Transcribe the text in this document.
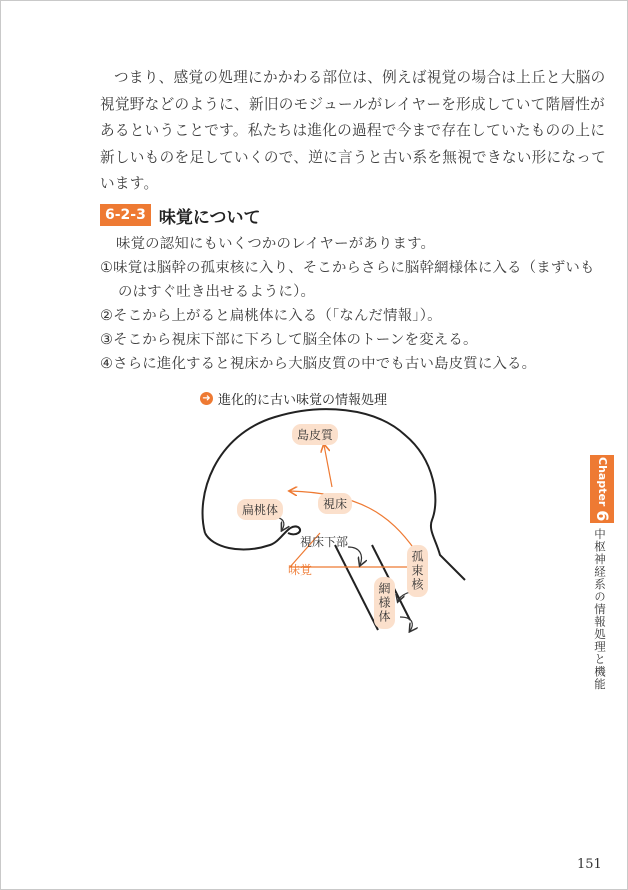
つまり、感覚の処理にかかわる部位は、例えば視覚の場合は上丘と大脳の
視覚野などのように、新旧のモジュールがレイヤーを形成していて階層性が
あるということです。私たちは進化の過程で今まで存在していたものの上に
新しいものを足していくので、逆に言うと古い系を無視できない形になって
います。
6-2-3 味覚について
味覚の認知にもいくつかのレイヤーがあります。
①味覚は脳幹の孤束核に入り、そこからさらに脳幹網様体に入る（まずいも
のはすぐ吐き出せるように）。
②そこから上がると扁桃体に入る（「なんだ情報」）。
③そこから視床下部に下ろして脳全体のトーンを変える。
④さらに進化すると視床から大脳皮質の中でも古い島皮質に入る。
➜ 進化的に古い味覚の情報処理
島皮質
視床
扁桃体
視床下部
味覚	孤束核
網様体
Chapter 6
中枢神経系の情報処理と機能
151
